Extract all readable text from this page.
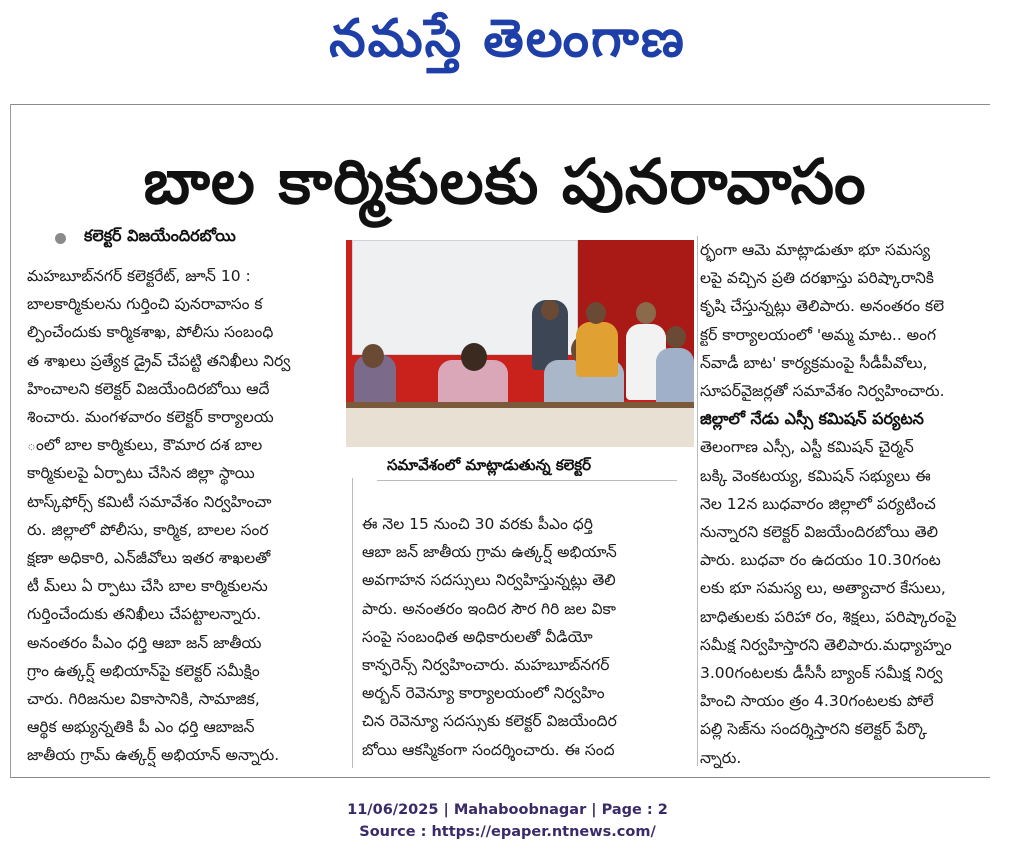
నమస్తే తెలంగాణ
బాల కార్మికులకు పునరావాసం
కలెక్టర్ విజయేందిరబోయి
మహబూబ్‌నగర్ కలెక్టరేట్, జూన్ 10 :
బాలకార్మికులను గుర్తించి పునరావాసం క
ల్పించేందుకు కార్మికశాఖ, పోలీసు సంబంధి
త శాఖలు ప్రత్యేక డ్రైవ్ చేపట్టి తనిఖీలు నిర్వ
హించాలని కలెక్టర్ విజయేందిరబోయి ఆదే
శించారు. మంగళవారం కలెక్టర్ కార్యాలయ
ంలో బాల కార్మికులు, కౌమార దశ బాల
కార్మికులపై ఏర్పాటు చేసిన జిల్లా స్థాయి
టాస్క్‌ఫోర్స్ కమిటీ సమావేశం నిర్వహించా
రు. జిల్లాలో పోలీసు, కార్మిక, బాలల సంర
క్షణా అధికారి, ఎన్‌జీవోలు ఇతర శాఖలతో
టీ మ్‌లు ఏ ర్పాటు చేసి బాల కార్మికులను
గుర్తించేందుకు తనిఖీలు చేపట్టాలన్నారు.
అనంతరం పీఎం ధర్తి ఆబా జన్ జాతీయ
గ్రాం ఉత్కర్ష్ అభియాన్‌పై కలెక్టర్ సమీక్షిం
చారు. గిరిజనుల వికాసానికి, సామాజిక,
ఆర్థిక అభ్యున్నతికి పీ ఎం ధర్తి ఆబాజన్
జాతీయ గ్రామ్ ఉత్కర్ష్ అభియాన్ అన్నారు.
సమావేశంలో మాట్లాడుతున్న కలెక్టర్
ఈ నెల 15 నుంచి 30 వరకు పీఎం ధర్తి
ఆబా జన్ జాతీయ గ్రామ ఉత్కర్ష్ అభియాన్
అవగాహన సదస్సులు నిర్వహిస్తున్నట్లు తెలి
పారు. అనంతరం ఇందిర సౌర గిరి జల వికా
సంపై సంబంధిత అధికారులతో వీడియో
కాన్ఫరెన్స్ నిర్వహించారు. మహబూబ్‌నగర్
అర్బన్ రెవెన్యూ కార్యాలయంలో నిర్వహిం
చిన రెవెన్యూ సదస్సుకు కలెక్టర్ విజయేందిర
బోయి ఆకస్మికంగా సందర్శించారు. ఈ సంద
ర్భంగా ఆమె మాట్లాడుతూ భూ సమస్య
లపై వచ్చిన ప్రతి దరఖాస్తు పరిష్కారానికి
కృషి చేస్తున్నట్లు తెలిపారు. అనంతరం కలె
క్టర్ కార్యాలయంలో 'అమ్మ మాట.. అంగ
న్‌వాడీ బాట' కార్యక్రమంపై సీడీపీవోలు,
సూపర్‌వైజర్లతో సమావేశం నిర్వహించారు.
జిల్లాలో నేడు ఎస్సీ కమిషన్ పర్యటన
తెలంగాణ ఎస్సీ, ఎస్టీ కమిషన్ చైర్మన్
బక్కి వెంకటయ్య, కమిషన్ సభ్యులు ఈ
నెల 12న బుధవారం జిల్లాలో పర్యటించ
నున్నారని కలెక్టర్ విజయేందిరబోయి తెలి
పారు. బుధవా రం ఉదయం 10.30గంట
లకు భూ సమస్య లు, అత్యాచార కేసులు,
బాధితులకు పరిహా రం, శిక్షలు, పరిష్కారంపై
సమీక్ష నిర్వహిస్తారని తెలిపారు.మధ్యాహ్నం
3.00గంటలకు డీసీసీ బ్యాంక్ సమీక్ష నిర్వ
హించి సాయం త్రం 4.30గంటలకు పోలే
పల్లి సెజ్‌ను సందర్శిస్తారని కలెక్టర్ పేర్కొ
న్నారు.
11/06/2025 | Mahaboobnagar | Page : 2
Source : https://epaper.ntnews.com/
